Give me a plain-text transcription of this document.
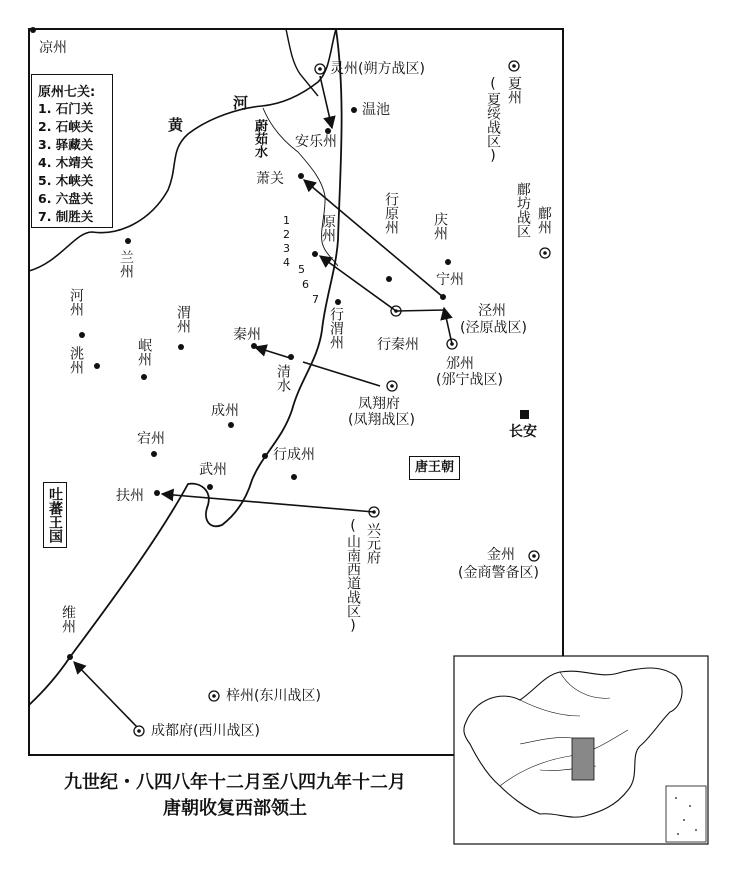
原州七关:
1. 石门关
2. 石峡关
3. 驿藏关
4. 木靖关
5. 木峡关
6. 六盘关
7. 制胜关	1
2
3
4
5
6
7
黄
河
蔚茹水
清水
凉州
灵州(朔方战区)
温池
夏州
(夏绥战区)
安乐州
萧关
行原州 庆州	鄜州
鄜坊战区
兰州
原州
宁州
泾州
(泾原战区)
河州
渭州	行渭州
邠州
(邠宁战区)
洮州	岷州
秦州
行秦州
凤翔府
(凤翔战区)
长安
成州
宕州
行成州
武州
扶州
兴元府
(山南西道战区)	金州
(金商警备区)
维州
梓州(东川战区)
成都府(西川战区)
吐蕃王国
唐王朝
九世纪・八四八年十二月至八四九年十二月
唐朝收复西部领土
